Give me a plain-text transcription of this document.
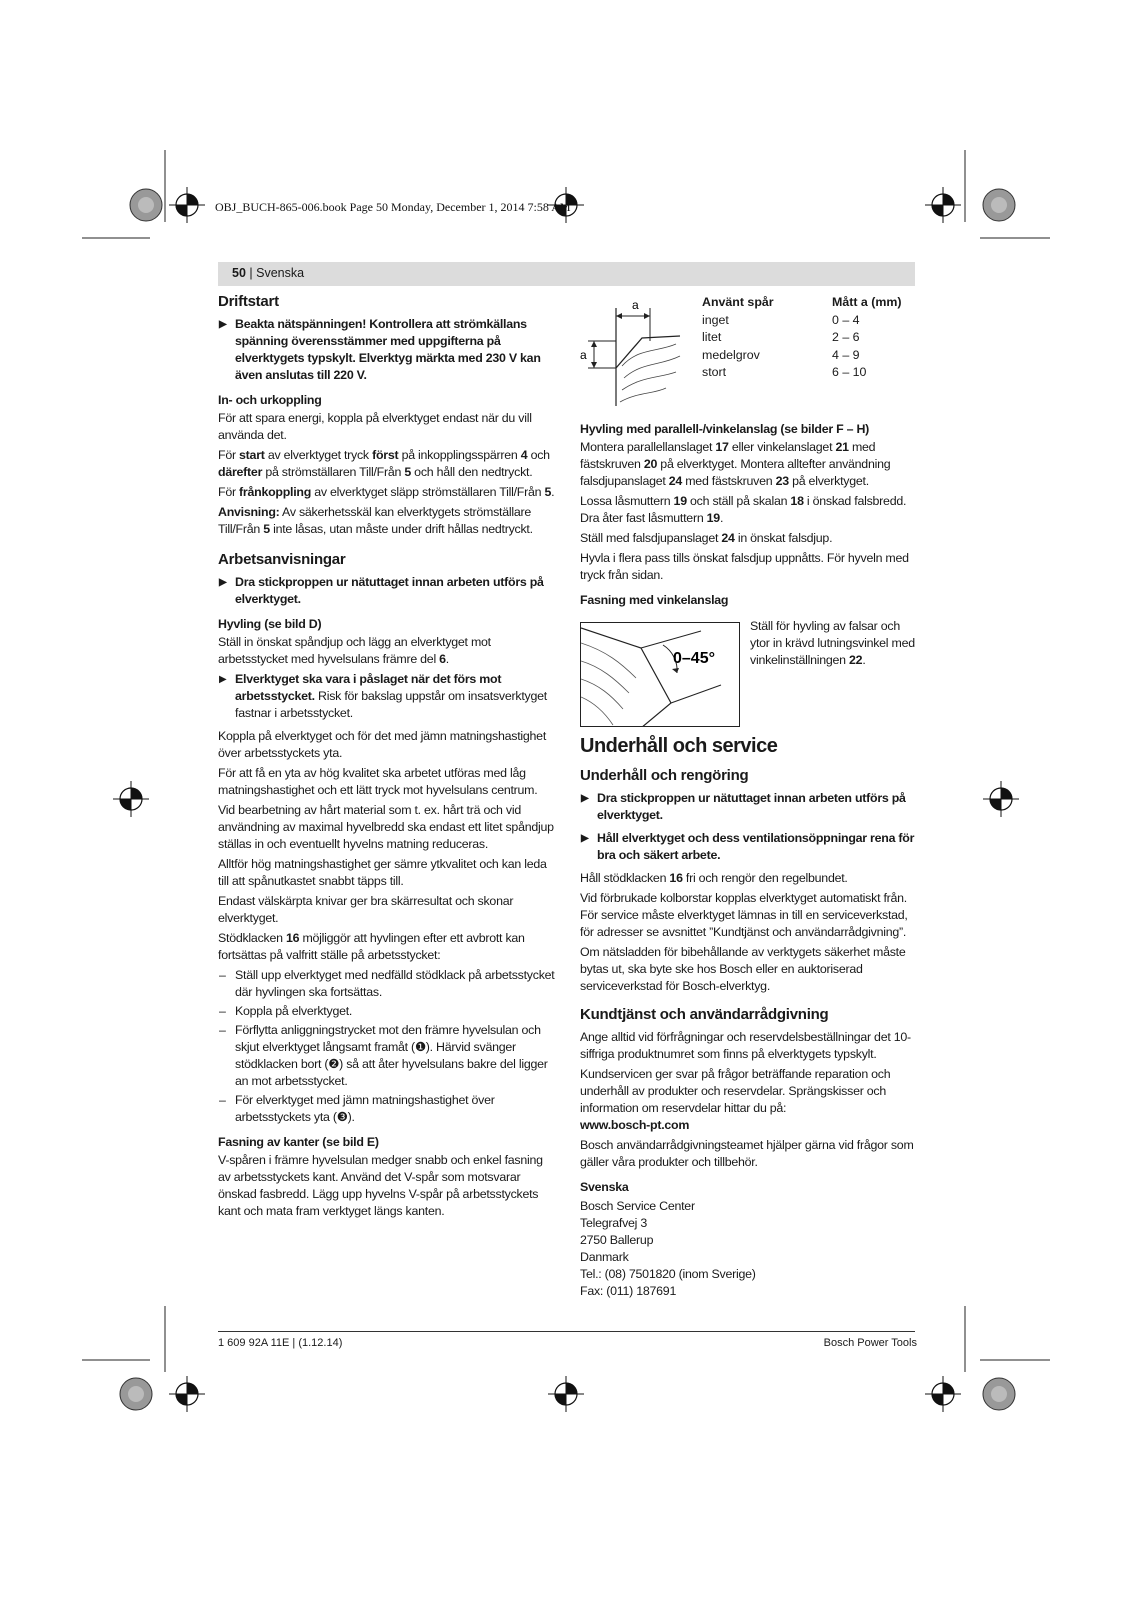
OBJ_BUCH-865-006.book Page 50 Monday, December 1, 2014 7:58 AM
50 | Svenska
Driftstart

▶ Beakta nätspänningen! Kontrollera att strömkällans spänning överensstämmer med uppgifterna på elverktygets typskylt. Elverktyg märkta med 230 V kan även anslutas till 220 V.

In- och urkoppling

För att spara energi, koppla på elverktyget endast när du vill använda det.

För start av elverktyget tryck först på inkopplingsspärren 4 och därefter på strömställaren Till/Från 5 och håll den nedtryckt.

För frånkoppling av elverktyget släpp strömställaren Till/Från 5.

Anvisning: Av säkerhetsskäl kan elverktygets strömställare Till/Från 5 inte låsas, utan måste under drift hållas nedtryckt.

Arbetsanvisningar

▶ Dra stickproppen ur nätuttaget innan arbeten utförs på elverktyget.

Hyvling (se bild D)

Ställ in önskat spåndjup och lägg an elverktyget mot arbetsstycket med hyvelsulans främre del 6.

▶ Elverktyget ska vara i påslaget när det förs mot arbetsstycket. Risk för bakslag uppstår om insatsverktyget fastnar i arbetsstycket.

Koppla på elverktyget och för det med jämn matningshastighet över arbetsstyckets yta.

För att få en yta av hög kvalitet ska arbetet utföras med låg matningshastighet och ett lätt tryck mot hyvelsulans centrum.

Vid bearbetning av hårt material som t. ex. hårt trä och vid användning av maximal hyvelbredd ska endast ett litet spåndjup ställas in och eventuellt hyvelns matning reduceras.

Alltför hög matningshastighet ger sämre ytkvalitet och kan leda till att spånutkastet snabbt täpps till.

Endast välskärpta knivar ger bra skärresultat och skonar elverktyget.

Stödklacken 16 möjliggör att hyvlingen efter ett avbrott kan fortsättas på valfritt ställe på arbetsstycket:

– Ställ upp elverktyget med nedfälld stödklack på arbetsstycket där hyvlingen ska fortsättas.

– Koppla på elverktyget.

– Förflytta anliggningstrycket mot den främre hyvelsulan och skjut elverktyget långsamt framåt (❶). Härvid svänger stödklacken bort (❷) så att åter hyvelsulans bakre del ligger an mot arbetsstycket.

– För elverktyget med jämn matningshastighet över arbetsstyckets yta (❸).

Fasning av kanter (se bild E)

V-spåren i främre hyvelsulan medger snabb och enkel fasning av arbetsstyckets kant. Använd det V-spår som motsvarar önskad fasbredd. Lägg upp hyvelns V-spår på arbetsstyckets kant och mata fram verktyget längs kanten.

a
a
Använt spår	Mått a (mm)
inget	0 – 4
litet	2 – 6
medelgrov	4 – 9
stort	6 – 10
Hyvling med parallell-/vinkelanslag (se bilder F – H)

Montera parallellanslaget 17 eller vinkelanslaget 21 med fästskruven 20 på elverktyget. Montera alltefter användning falsdjupanslaget 24 med fästskruven 23 på elverktyget.

Lossa låsmuttern 19 och ställ på skalan 18 i önskad falsbredd. Dra åter fast låsmuttern 19.

Ställ med falsdjupanslaget 24 in önskat falsdjup.

Hyvla i flera pass tills önskat falsdjup uppnåtts. För hyveln med tryck från sidan.

Fasning med vinkelanslag
0–45°
Ställ för hyvling av falsar och ytor in krävd lutningsvinkel med vinkelinställningen 22.
Underhåll och service
Underhåll och rengöring

▶ Dra stickproppen ur nätuttaget innan arbeten utförs på elverktyget.

▶ Håll elverktyget och dess ventilationsöppningar rena för bra och säkert arbete.

Håll stödklacken 16 fri och rengör den regelbundet.

Vid förbrukade kolborstar kopplas elverktyget automatiskt från. För service måste elverktyget lämnas in till en serviceverkstad, för adresser se avsnittet ”Kundtjänst och användarrådgivning”.

Om nätsladden för bibehållande av verktygets säkerhet måste bytas ut, ska byte ske hos Bosch eller en auktoriserad serviceverkstad för Bosch-elverktyg.

Kundtjänst och användarrådgivning

Ange alltid vid förfrågningar och reservdelsbeställningar det 10-siffriga produktnumret som finns på elverktygets typskylt.

Kundservicen ger svar på frågor beträffande reparation och underhåll av produkter och reservdelar. Sprängskisser och information om reservdelar hittar du på:

www.bosch-pt.com

Bosch användarrådgivningsteamet hjälper gärna vid frågor som gäller våra produkter och tillbehör.

Svenska
Bosch Service Center
Telegrafvej 3
2750 Ballerup
Danmark
Tel.: (08) 7501820 (inom Sverige)
Fax: (011) 187691
1 609 92A 11E | (1.12.14)	Bosch Power Tools
